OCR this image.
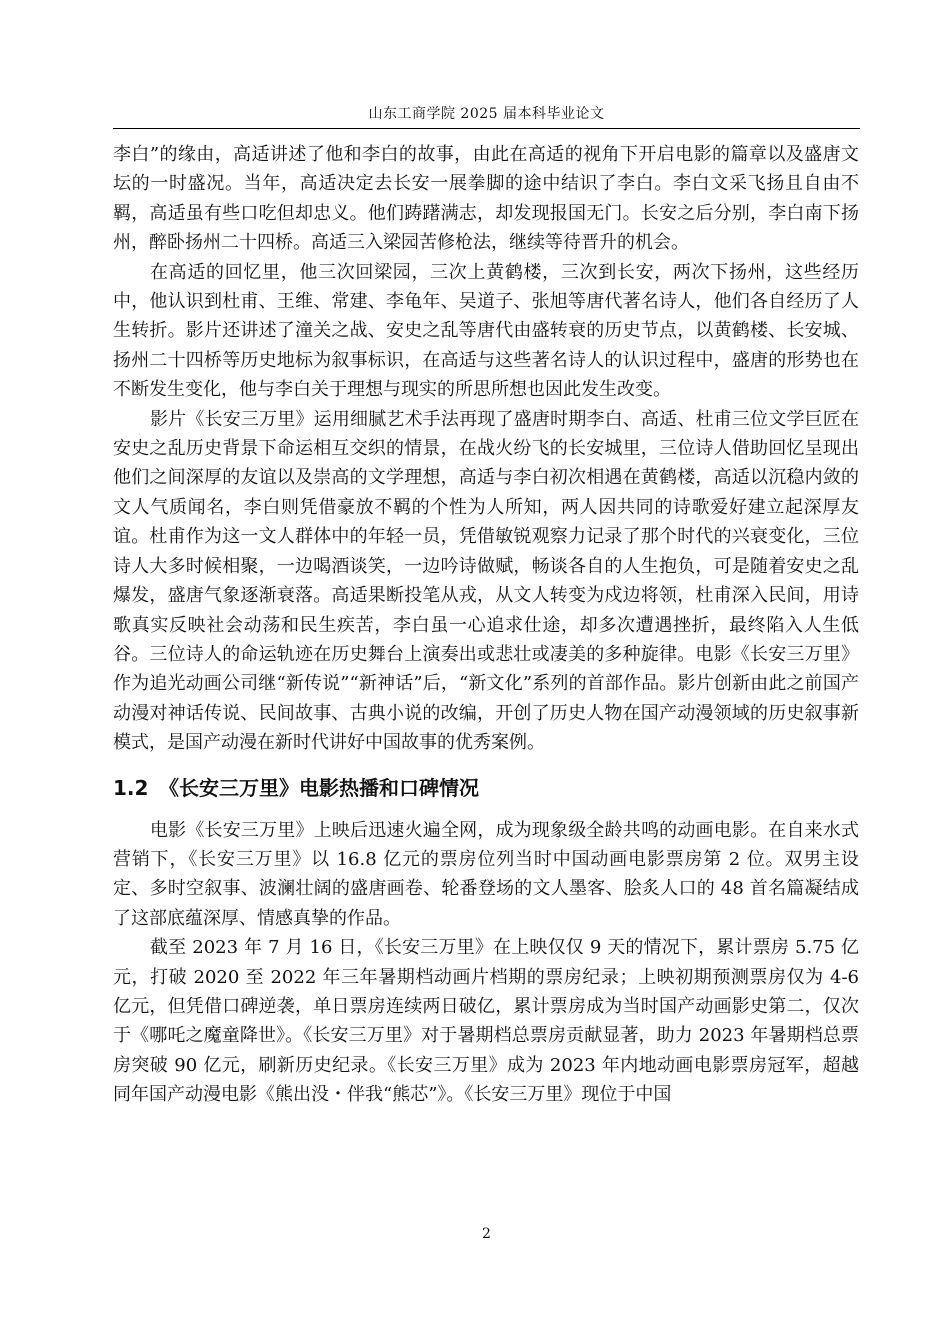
山东工商学院 2025 届本科毕业论文

李白”的缘由，高适讲述了他和李白的故事，由此在高适的视角下开启电影的篇章以及盛唐文坛的一时盛况。当年，高适决定去长安一展拳脚的途中结识了李白。李白文采飞扬且自由不羁，高适虽有些口吃但却忠义。他们踌躇满志，却发现报国无门。长安之后分别，李白南下扬州，醉卧扬州二十四桥。高适三入梁园苦修枪法，继续等待晋升的机会。

在高适的回忆里，他三次回梁园，三次上黄鹤楼，三次到长安，两次下扬州，这些经历中，他认识到杜甫、王维、常建、李龟年、吴道子、张旭等唐代著名诗人，他们各自经历了人生转折。影片还讲述了潼关之战、安史之乱等唐代由盛转衰的历史节点，以黄鹤楼、长安城、扬州二十四桥等历史地标为叙事标识，在高适与这些著名诗人的认识过程中，盛唐的形势也在不断发生变化，他与李白关于理想与现实的所思所想也因此发生改变。

影片《长安三万里》运用细腻艺术手法再现了盛唐时期李白、高适、杜甫三位文学巨匠在安史之乱历史背景下命运相互交织的情景，在战火纷飞的长安城里，三位诗人借助回忆呈现出他们之间深厚的友谊以及崇高的文学理想，高适与李白初次相遇在黄鹤楼，高适以沉稳内敛的文人气质闻名，李白则凭借豪放不羁的个性为人所知，两人因共同的诗歌爱好建立起深厚友谊。杜甫作为这一文人群体中的年轻一员，凭借敏锐观察力记录了那个时代的兴衰变化，三位诗人大多时候相聚，一边喝酒谈笑，一边吟诗做赋，畅谈各自的人生抱负，可是随着安史之乱爆发，盛唐气象逐渐衰落。高适果断投笔从戎，从文人转变为戍边将领，杜甫深入民间，用诗歌真实反映社会动荡和民生疾苦，李白虽一心追求仕途，却多次遭遇挫折，最终陷入人生低谷。三位诗人的命运轨迹在历史舞台上演奏出或悲壮或凄美的多种旋律。电影《长安三万里》作为追光动画公司继“新传说”“新神话”后，“新文化”系列的首部作品。影片创新由此之前国产动漫对神话传说、民间故事、古典小说的改编，开创了历史人物在国产动漫领域的历史叙事新模式，是国产动漫在新时代讲好中国故事的优秀案例。

1.2 《长安三万里》电影热播和口碑情况

电影《长安三万里》上映后迅速火遍全网，成为现象级全龄共鸣的动画电影。在自来水式营销下，《长安三万里》以 16.8 亿元的票房位列当时中国动画电影票房第 2 位。双男主设定、多时空叙事、波澜壮阔的盛唐画卷、轮番登场的文人墨客、脍炙人口的 48 首名篇凝结成了这部底蕴深厚、情感真挚的作品。

截至 2023 年 7 月 16 日，《长安三万里》在上映仅仅 9 天的情况下，累计票房 5.75 亿元，打破 2020 至 2022 年三年暑期档动画片档期的票房纪录；上映初期预测票房仅为 4-6 亿元，但凭借口碑逆袭，单日票房连续两日破亿，累计票房成为当时国产动画影史第二，仅次于《哪吒之魔童降世》。《长安三万里》对于暑期档总票房贡献显著，助力 2023 年暑期档总票房突破 90 亿元，刷新历史纪录。《长安三万里》成为 2023 年内地动画电影票房冠军，超越同年国产动漫电影《熊出没・伴我“熊芯”》。《长安三万里》现位于中国

2
